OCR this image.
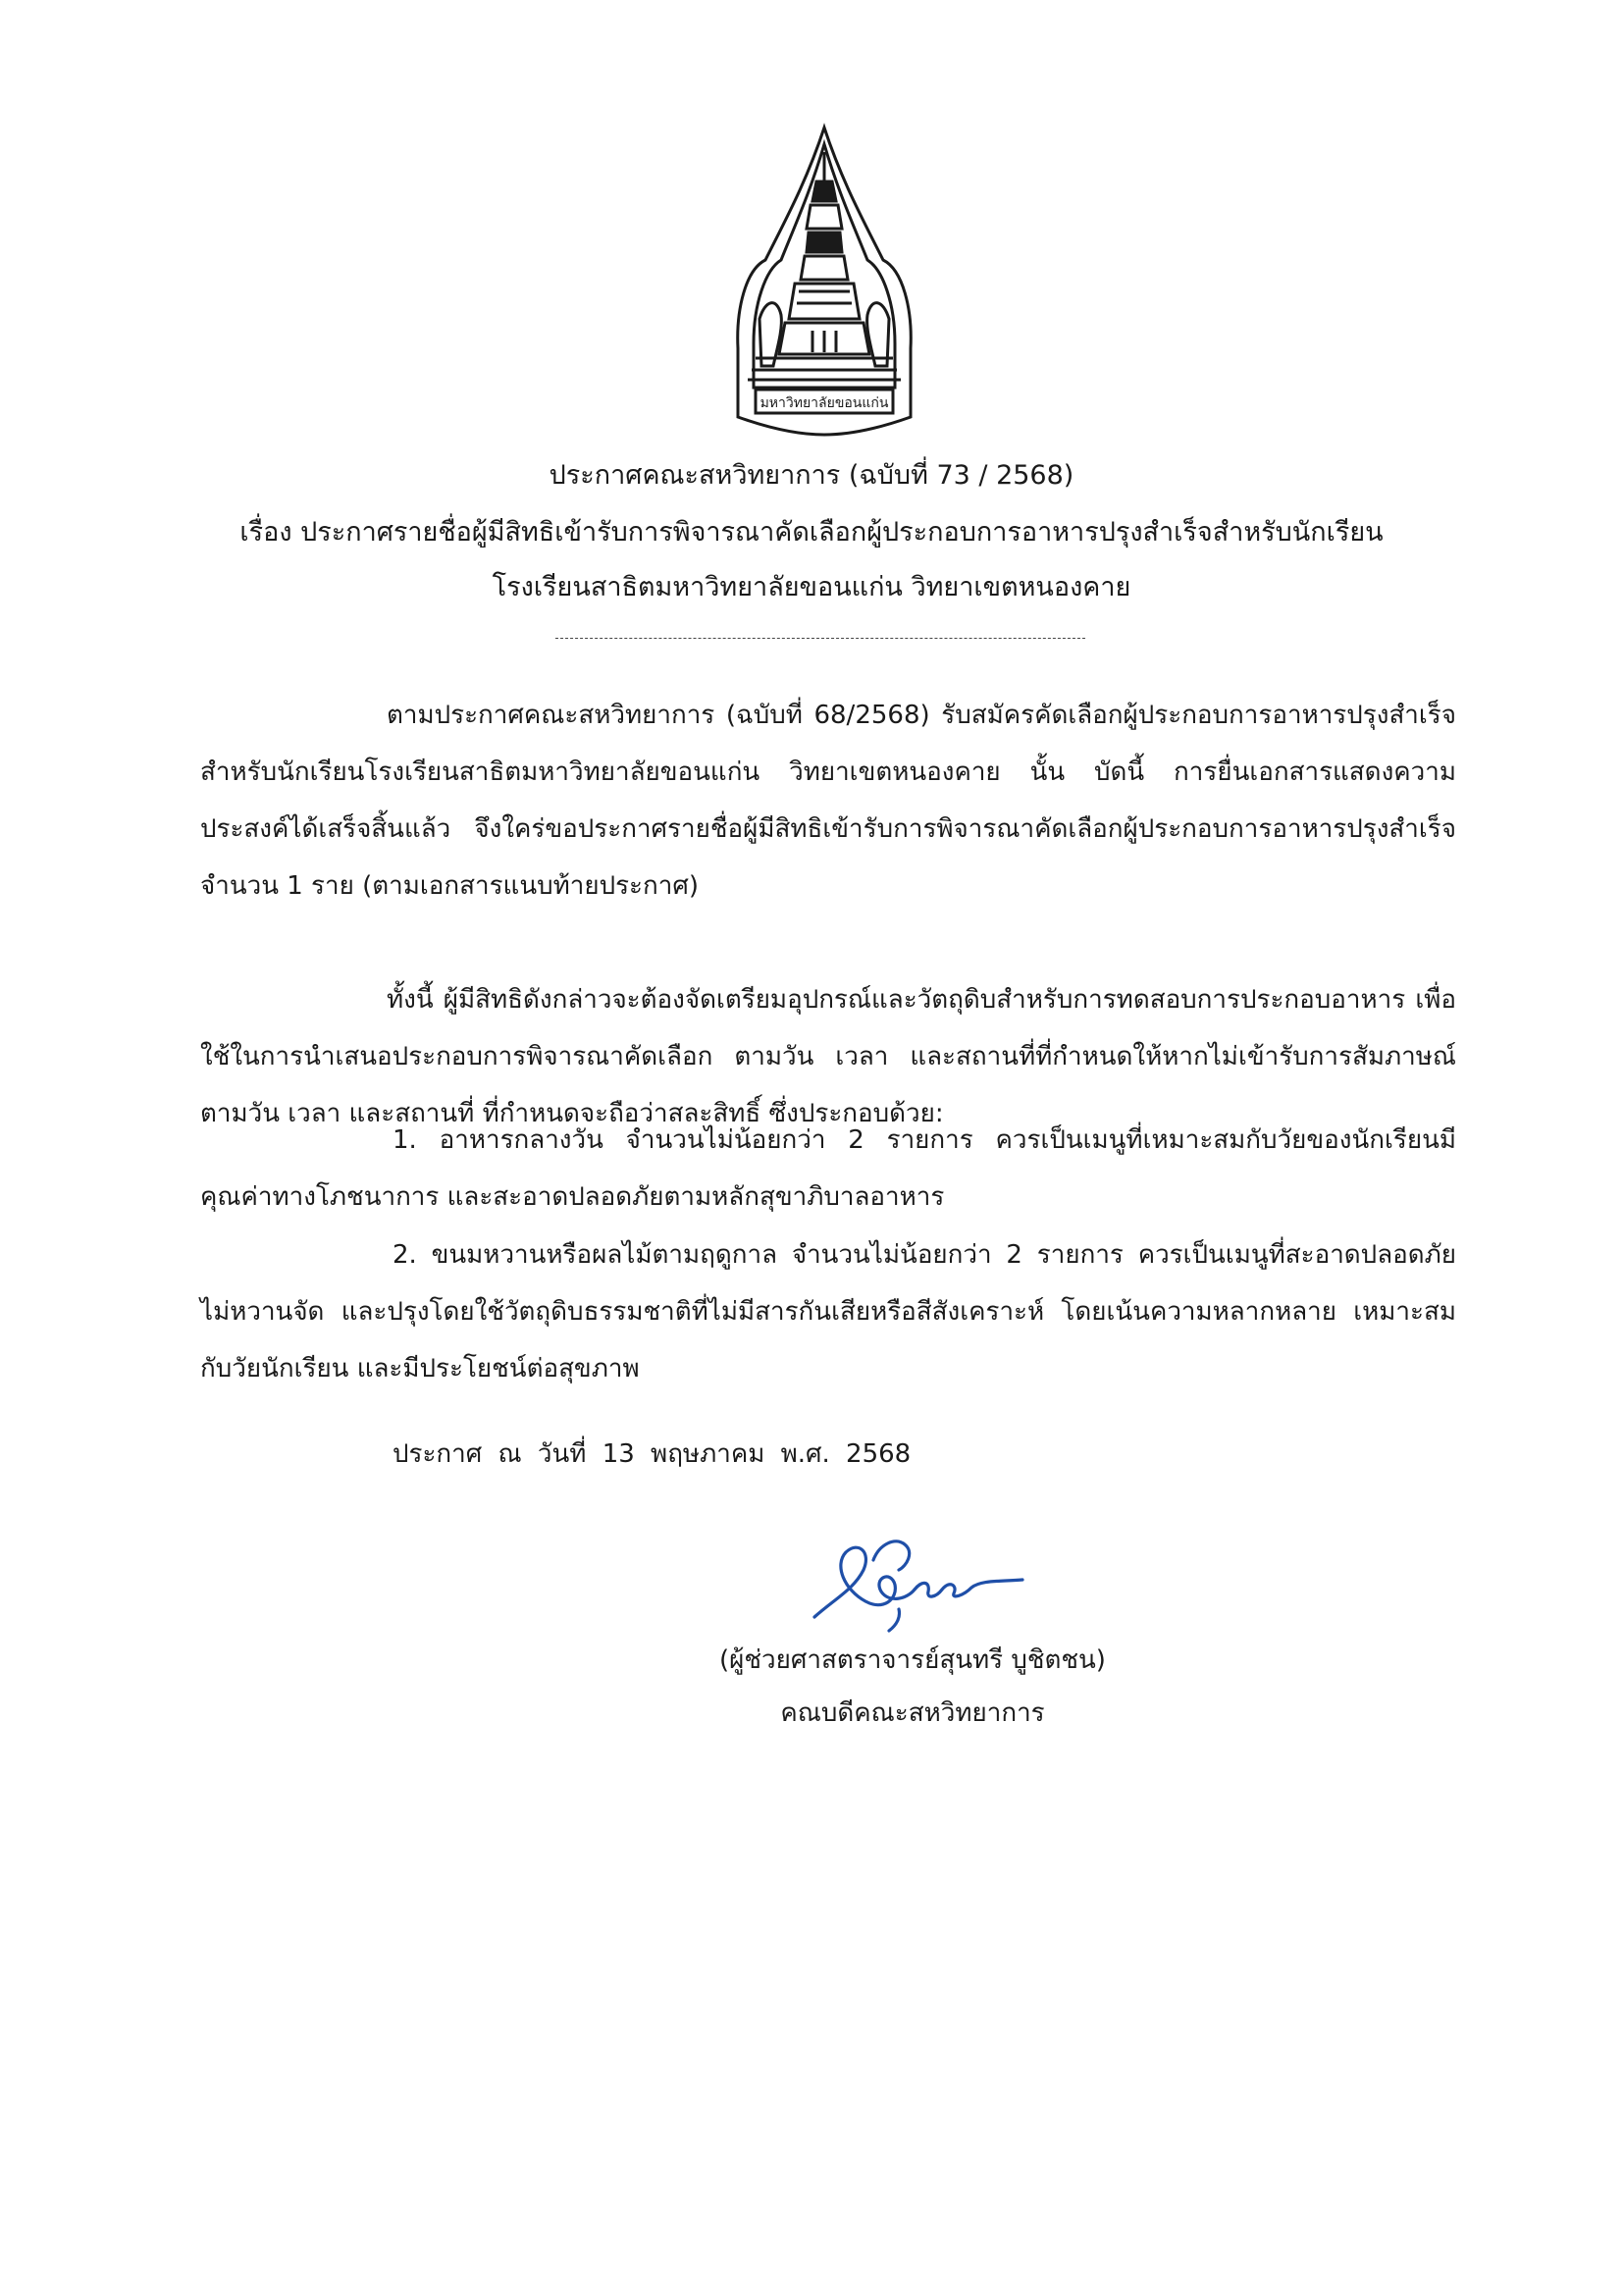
มหาวิทยาลัยขอนแก่น
ประกาศคณะสหวิทยาการ (ฉบับที่ 73 / 2568)
เรื่อง ประกาศรายชื่อผู้มีสิทธิเข้ารับการพิจารณาคัดเลือกผู้ประกอบการอาหารปรุงสำเร็จสำหรับนักเรียน
โรงเรียนสาธิตมหาวิทยาลัยขอนแก่น วิทยาเขตหนองคาย
ตามประกาศคณะสหวิทยาการ (ฉบับที่ 68/2568) รับสมัครคัดเลือกผู้ประกอบการอาหารปรุงสำเร็จสำหรับนักเรียนโรงเรียนสาธิตมหาวิทยาลัยขอนแก่น วิทยาเขตหนองคาย นั้น บัดนี้ การยื่นเอกสารแสดงความประสงค์ได้เสร็จสิ้นแล้ว จึงใคร่ขอประกาศรายชื่อผู้มีสิทธิเข้ารับการพิจารณาคัดเลือกผู้ประกอบการอาหารปรุงสำเร็จ จำนวน 1 ราย (ตามเอกสารแนบท้ายประกาศ)
ทั้งนี้ ผู้มีสิทธิดังกล่าวจะต้องจัดเตรียมอุปกรณ์และวัตถุดิบสำหรับการทดสอบการประกอบอาหาร เพื่อใช้ในการนำเสนอประกอบการพิจารณาคัดเลือก ตามวัน เวลา และสถานที่ที่กำหนดให้หากไม่เข้ารับการสัมภาษณ์ตามวัน เวลา และสถานที่ ที่กำหนดจะถือว่าสละสิทธิ์ ซึ่งประกอบด้วย:
1. อาหารกลางวัน จำนวนไม่น้อยกว่า 2 รายการ ควรเป็นเมนูที่เหมาะสมกับวัยของนักเรียนมีคุณค่าทางโภชนาการ และสะอาดปลอดภัยตามหลักสุขาภิบาลอาหาร
2. ขนมหวานหรือผลไม้ตามฤดูกาล จำนวนไม่น้อยกว่า 2 รายการ ควรเป็นเมนูที่สะอาดปลอดภัย ไม่หวานจัด และปรุงโดยใช้วัตถุดิบธรรมชาติที่ไม่มีสารกันเสียหรือสีสังเคราะห์ โดยเน้นความหลากหลาย เหมาะสมกับวัยนักเรียน และมีประโยชน์ต่อสุขภาพ
ประกาศ ณ วันที่ 13 พฤษภาคม พ.ศ. 2568
(ผู้ช่วยศาสตราจารย์สุนทรี บูชิตชน)
คณบดีคณะสหวิทยาการ
